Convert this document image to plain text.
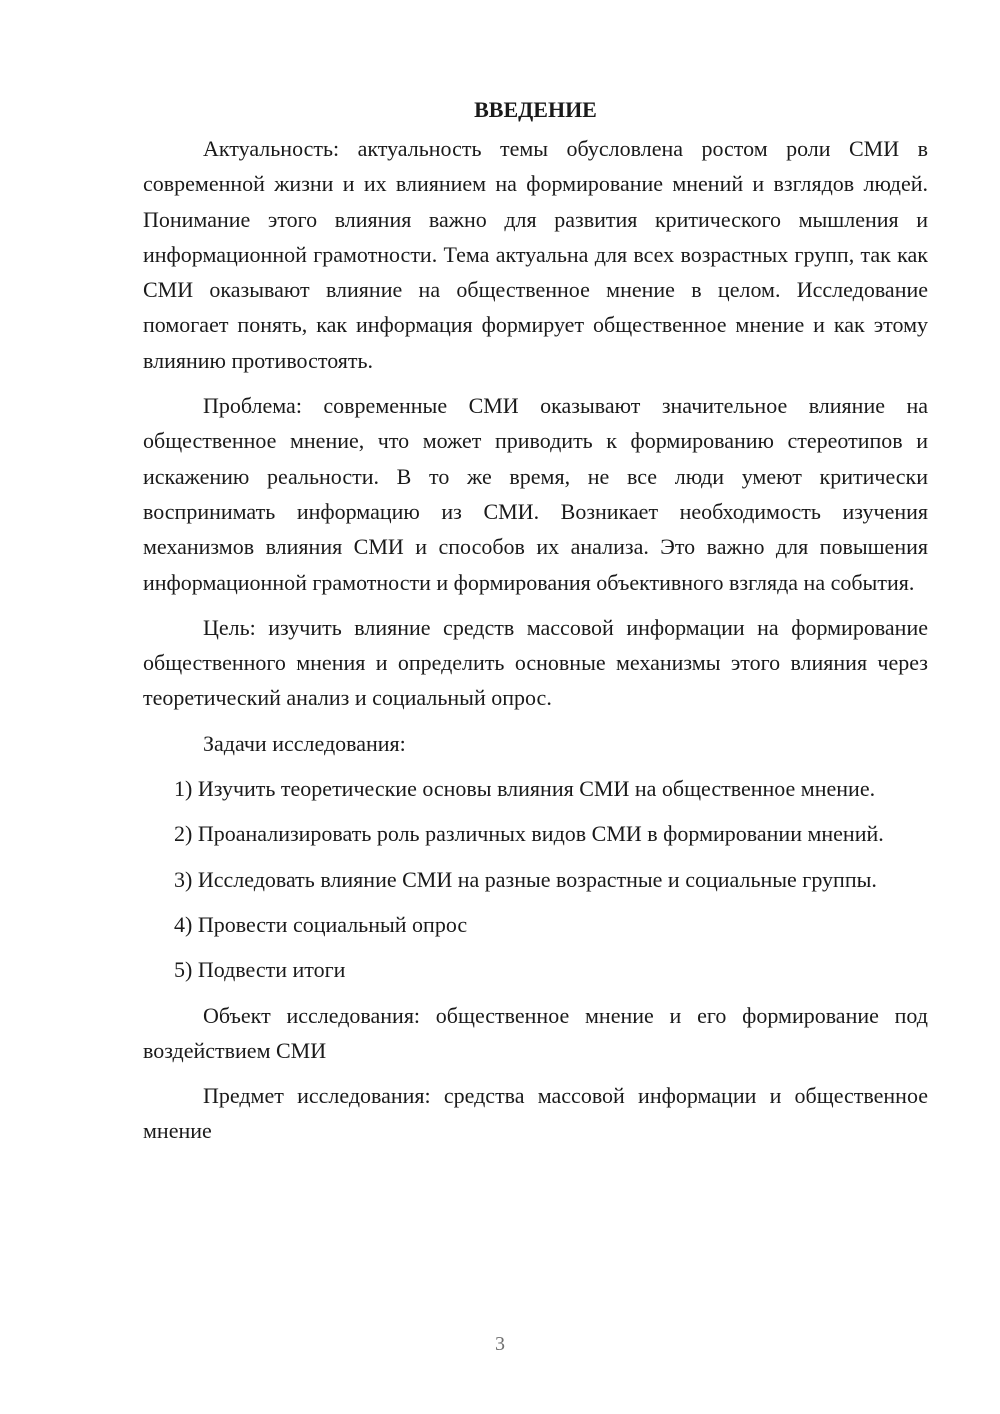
ВВЕДЕНИЕ

Актуальность: актуальность темы обусловлена ростом роли СМИ в современной жизни и их влиянием на формирование мнений и взглядов людей. Понимание этого влияния важно для развития критического мышления и информационной грамотности. Тема актуальна для всех возрастных групп, так как СМИ оказывают влияние на общественное мнение в целом. Исследование помогает понять, как информация формирует общественное мнение и как этому влиянию противостоять.

Проблема: современные СМИ оказывают значительное влияние на общественное мнение, что может приводить к формированию стереотипов и искажению реальности. В то же время, не все люди умеют критически воспринимать информацию из СМИ. Возникает необходимость изучения механизмов влияния СМИ и способов их анализа. Это важно для повышения информационной грамотности и формирования объективного взгляда на события.

Цель: изучить влияние средств массовой информации на формирование общественного мнения и определить основные механизмы этого влияния через теоретический анализ и социальный опрос.

Задачи исследования:

1) Изучить теоретические основы влияния СМИ на общественное мнение.

2) Проанализировать роль различных видов СМИ в формировании мнений.

3) Исследовать влияние СМИ на разные возрастные и социальные группы.

4) Провести социальный опрос

5) Подвести итоги

Объект исследования: общественное мнение и его формирование под воздействием СМИ

Предмет исследования: средства массовой информации и общественное мнение

3
